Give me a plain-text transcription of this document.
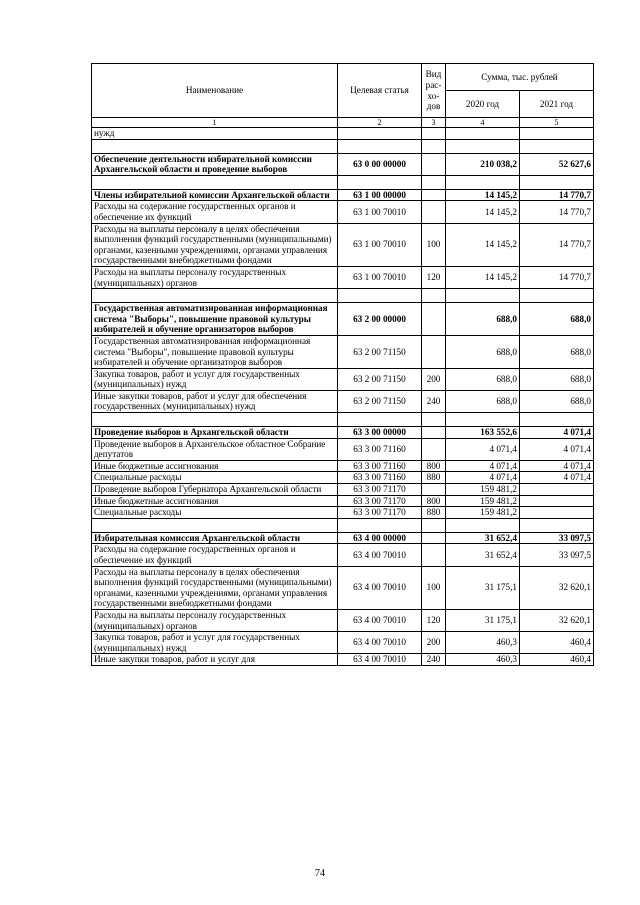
Наименование	Целевая статья	Вид рас-хо-дов	Сумма, тыс. рублей	
			2020 год	2021 год
1	2	3	4	5
нужд				

Обеспечение деятельности избирательной комиссии Архангельской области и проведение выборов	63 0 00 00000		210 038,2	52 627,6

Члены избирательной комиссии Архангельской области	63 1 00 00000		14 145,2	14 770,7
Расходы на содержание государственных органов и обеспечение их функций	63 1 00 70010		14 145,2	14 770,7
Расходы на выплаты персоналу в целях обеспечения выполнения функций государственными (муниципальными) органами, казенными учреждениями, органами управления государственными внебюджетными фондами	63 1 00 70010	100	14 145,2	14 770,7
Расходы на выплаты персоналу государственных (муниципальных) органов	63 1 00 70010	120	14 145,2	14 770,7

Государственная автоматизированная информационная система "Выборы", повышение правовой культуры избирателей и обучение организаторов выборов	63 2 00 00000		688,0	688,0
Государственная автоматизированная информационная система "Выборы", повышение правовой культуры избирателей и обучение организаторов выборов	63 2 00 71150		688,0	688,0
Закупка товаров, работ и услуг для государственных (муниципальных) нужд	63 2 00 71150	200	688,0	688,0
Иные закупки товаров, работ и услуг для обеспечения государственных (муниципальных) нужд	63 2 00 71150	240	688,0	688,0

Проведение выборов в Архангельской области	63 3 00 00000		163 552,6	4 071,4
Проведение выборов в Архангельское областное Собрание депутатов	63 3 00 71160		4 071,4	4 071,4
Иные бюджетные ассигнования	63 3 00 71160	800	4 071,4	4 071,4
Специальные расходы	63 3 00 71160	880	4 071,4	4 071,4
Проведение выборов Губернатора Архангельской области	63 3 00 71170		159 481,2	
Иные бюджетные ассигнования	63 3 00 71170	800	159 481,2	
Специальные расходы	63 3 00 71170	880	159 481,2	

Избирательная комиссия Архангельской области	63 4 00 00000		31 652,4	33 097,5
Расходы на содержание государственных органов и обеспечение их функций	63 4 00 70010		31 652,4	33 097,5
Расходы на выплаты персоналу в целях обеспечения выполнения функций государственными (муниципальными) органами, казенными учреждениями, органами управления государственными внебюджетными фондами	63 4 00 70010	100	31 175,1	32 620,1
Расходы на выплаты персоналу государственных (муниципальных) органов	63 4 00 70010	120	31 175,1	32 620,1
Закупка товаров, работ и услуг для государственных (муниципальных) нужд	63 4 00 70010	200	460,3	460,4
Иные закупки товаров, работ и услуг для	63 4 00 70010	240	460,3	460,4
74
